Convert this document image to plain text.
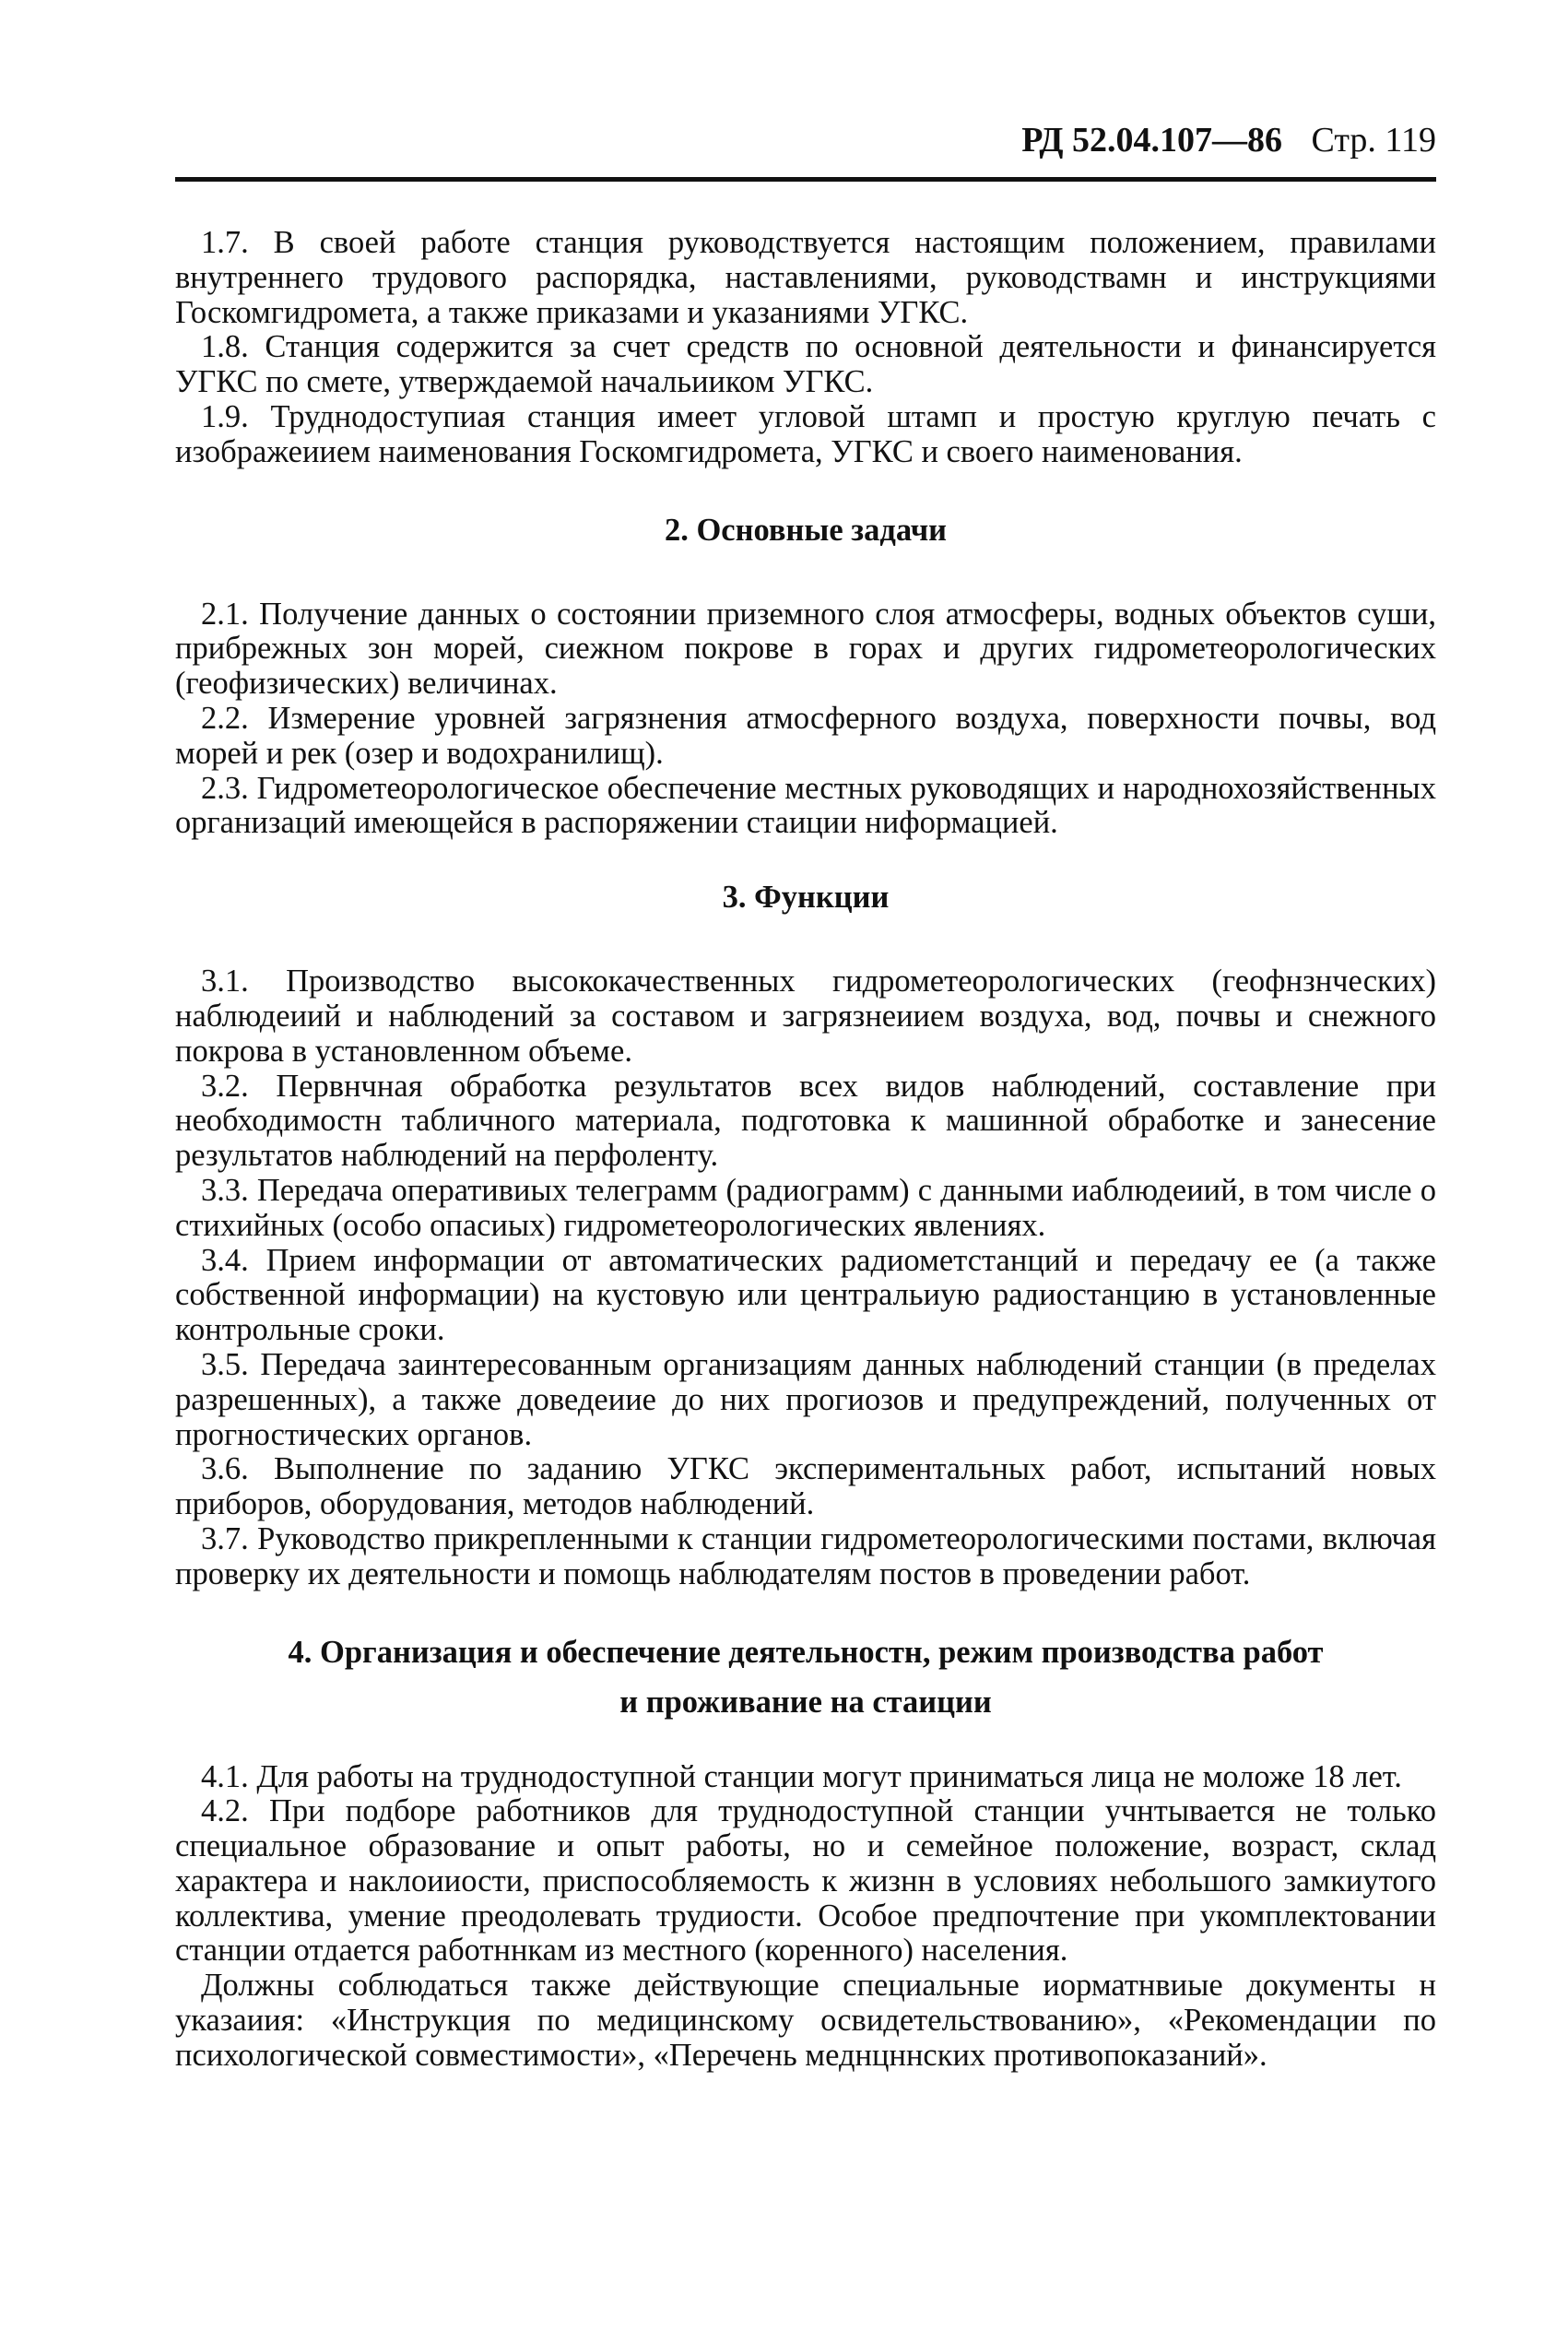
РД 52.04.107—86 Стр. 119

1.7. В своей работе станция руководствуется настоящим положением, правилами внутреннего трудового распорядка, наставлениями, руководствамн и инструкциями Госкомгидромета, а также приказами и указаниями УГКС.

1.8. Станция содержится за счет средств по основной деятельности и финансируется УГКС по смете, утверждаемой начальииком УГКС.

1.9. Труднодоступиая станция имеет угловой штамп и простую круглую печать с изображеиием наименования Госкомгидромета, УГКС и своего наименования.

2. Основные задачи

2.1. Получение данных о состоянии приземного слоя атмосферы, водных объектов суши, прибрежных зон морей, сиежном покрове в горах и других гидрометеорологических (геофизических) величинах.

2.2. Измерение уровней загрязнения атмосферного воздуха, поверхности почвы, вод морей и рек (озер и водохранилищ).

2.3. Гидрометеорологическое обеспечение местных руководящих и народнохозяйственных организаций имеющейся в распоряжении стаиции ниформацией.

3. Функции

3.1. Производство высококачественных гидрометеорологических (геофнзнческих) наблюдеиий и наблюдений за составом и загрязнеиием воздуха, вод, почвы и снежного покрова в установленном объеме.

3.2. Первнчная обработка результатов всех видов наблюдений, составление при необходимостн табличного материала, подготовка к машинной обработке и занесение результатов наблюдений на перфоленту.

3.3. Передача оперативиых телеграмм (радиограмм) с данными иаблюдеиий, в том числе о стихийных (особо опасиых) гидрометеорологических явлениях.

3.4. Прием информации от автоматических радиометстанций и передачу ее (а также собственной информации) на кустовую или центральиую радиостанцию в установленные контрольные сроки.

3.5. Передача заинтересованным организациям данных наблюдений станции (в пределах разрешенных), а также доведеиие до них прогиозов и предупреждений, полученных от прогностических органов.

3.6. Выполнение по заданию УГКС экспериментальных работ, испытаний новых приборов, оборудования, методов наблюдений.

3.7. Руководство прикрепленными к станции гидрометеорологическими постами, включая проверку их деятельности и помощь наблюдателям постов в проведении работ.

4. Организация и обеспечение деятельностн, режим производства работ
и проживание на стаиции

4.1. Для работы на труднодоступной станции могут приниматься лица не моложе 18 лет.

4.2. При подборе работников для труднодоступной станции учнтывается не только специальное образование и опыт работы, но и семейное положение, возраст, склад характера и наклоииости, приспособляемость к жизнн в условиях небольшого замкиутого коллектива, умение преодолевать трудиости. Особое предпочтение при укомплектовании станции отдается работннкам из местного (коренного) населения.

Должны соблюдаться также действующие специальные иорматнвиые документы н указаиия: «Инструкция по медицинскому освидетельствованию», «Рекомендации по психологической совместимости», «Перечень меднцннских противопоказаний».
